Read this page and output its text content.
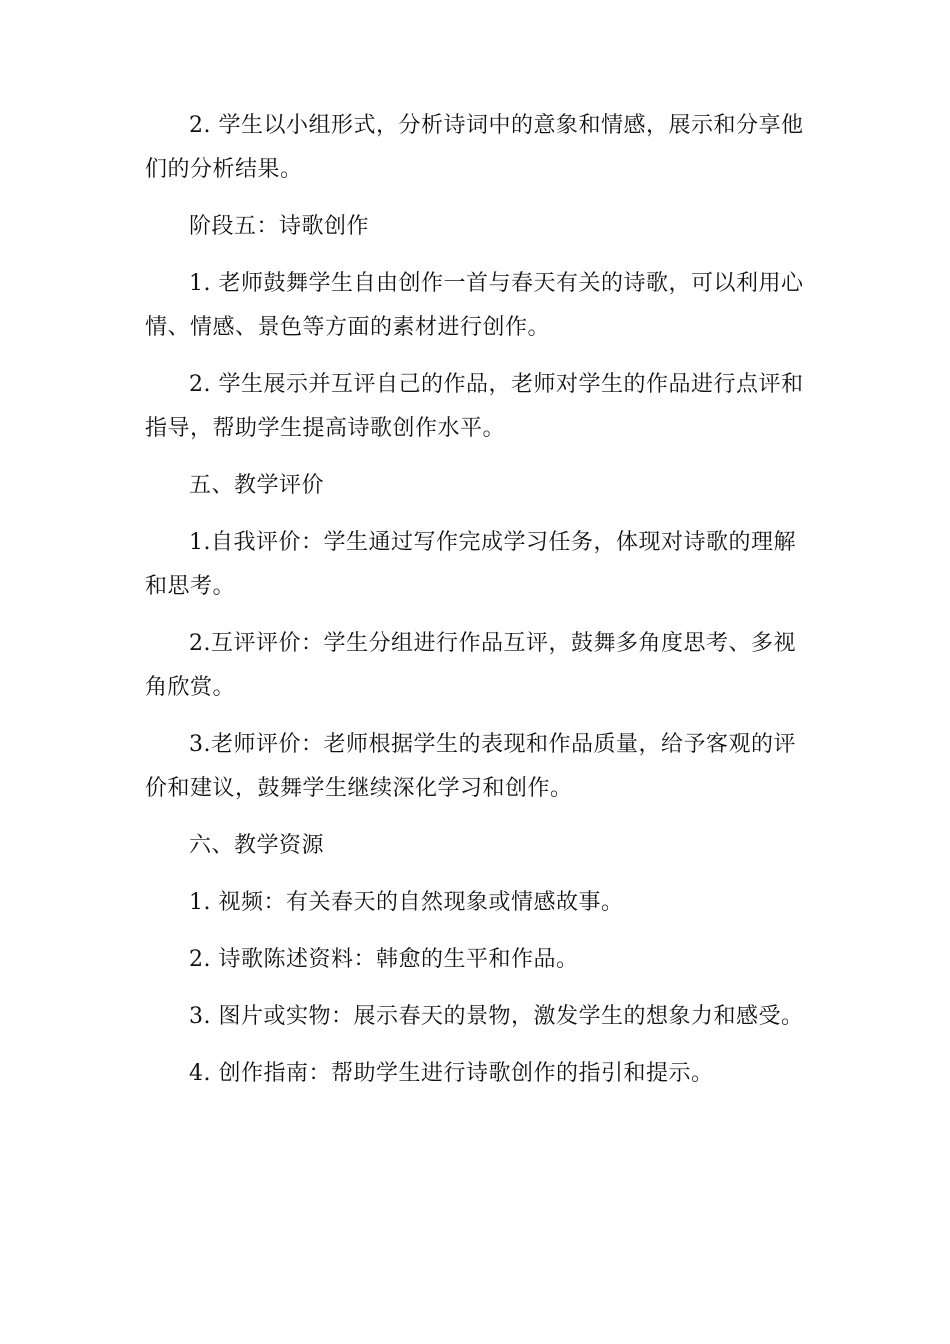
2. 学生以小组形式，分析诗词中的意象和情感，展示和分享他们的分析结果。

阶段五：诗歌创作

1. 老师鼓舞学生自由创作一首与春天有关的诗歌，可以利用心情、情感、景色等方面的素材进行创作。

2. 学生展示并互评自己的作品，老师对学生的作品进行点评和指导，帮助学生提高诗歌创作水平。

五、教学评价

1.自我评价：学生通过写作完成学习任务，体现对诗歌的理解和思考。

2.互评评价：学生分组进行作品互评，鼓舞多角度思考、多视角欣赏。

3.老师评价：老师根据学生的表现和作品质量，给予客观的评价和建议，鼓舞学生继续深化学习和创作。

六、教学资源

1. 视频：有关春天的自然现象或情感故事。

2. 诗歌陈述资料：韩愈的生平和作品。

3. 图片或实物：展示春天的景物，激发学生的想象力和感受。

4. 创作指南：帮助学生进行诗歌创作的指引和提示。
